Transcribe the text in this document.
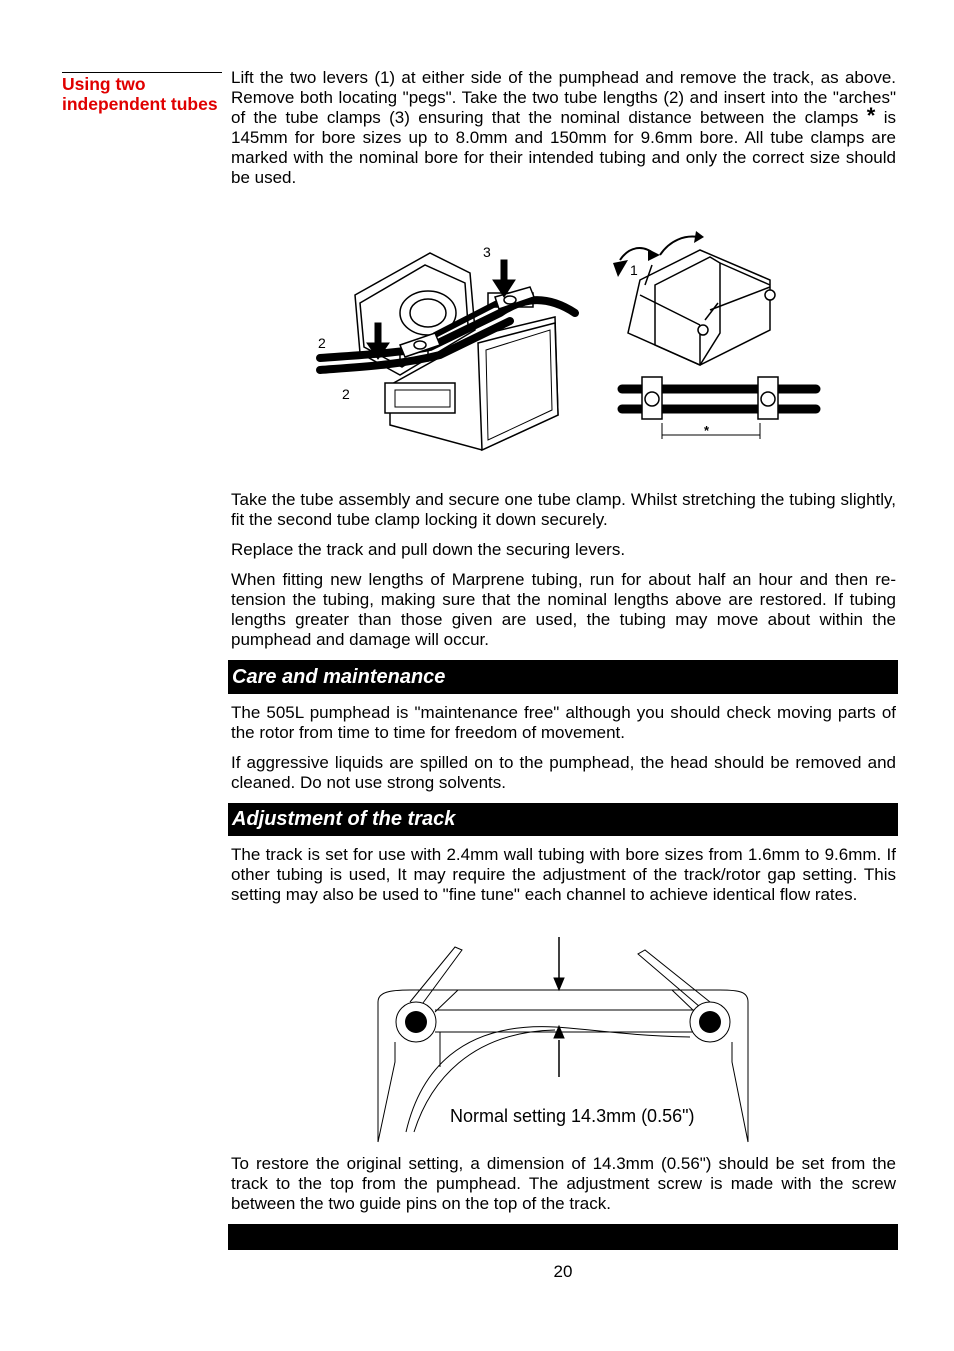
Using two independent tubes

Lift the two levers (1) at either side of the pumphead and remove the track, as above. Remove both locating "pegs". Take the two tube lengths (2) and insert into the "arches" of the tube clamps (3) ensuring that the nominal distance between the clamps * is 145mm for bore sizes up to 8.0mm and 150mm for 9.6mm bore. All tube clamps are marked with the nominal bore for their intended tubing and only the correct size should be used.

3
2
2
1
*

Take the tube assembly and secure one tube clamp. Whilst stretching the tubing slightly, fit the second tube clamp locking it down securely.

Replace the track and pull down the securing levers.

When fitting new lengths of Marprene tubing, run for about half an hour and then re-tension the tubing, making sure that the nominal lengths above are restored. If tubing lengths greater than those given are used, the tubing may move about within the pumphead and damage will occur.

Care and maintenance

The 505L pumphead is "maintenance free" although you should check moving parts of the rotor from time to time for freedom of movement.

If aggressive liquids are spilled on to the pumphead, the head should be removed and cleaned. Do not use strong solvents.

Adjustment of the track

The track is set for use with 2.4mm wall tubing with bore sizes from 1.6mm to 9.6mm. If other tubing is used, It may require the adjustment of the track/rotor gap setting. This setting may also be used to "fine tune" each channel to achieve identical flow rates.

Normal setting 14.3mm (0.56")

To restore the original setting, a dimension of 14.3mm (0.56") should be set from the track to the top from the pumphead. The adjustment screw is made with the screw between the two guide pins on the top of the track.

20
